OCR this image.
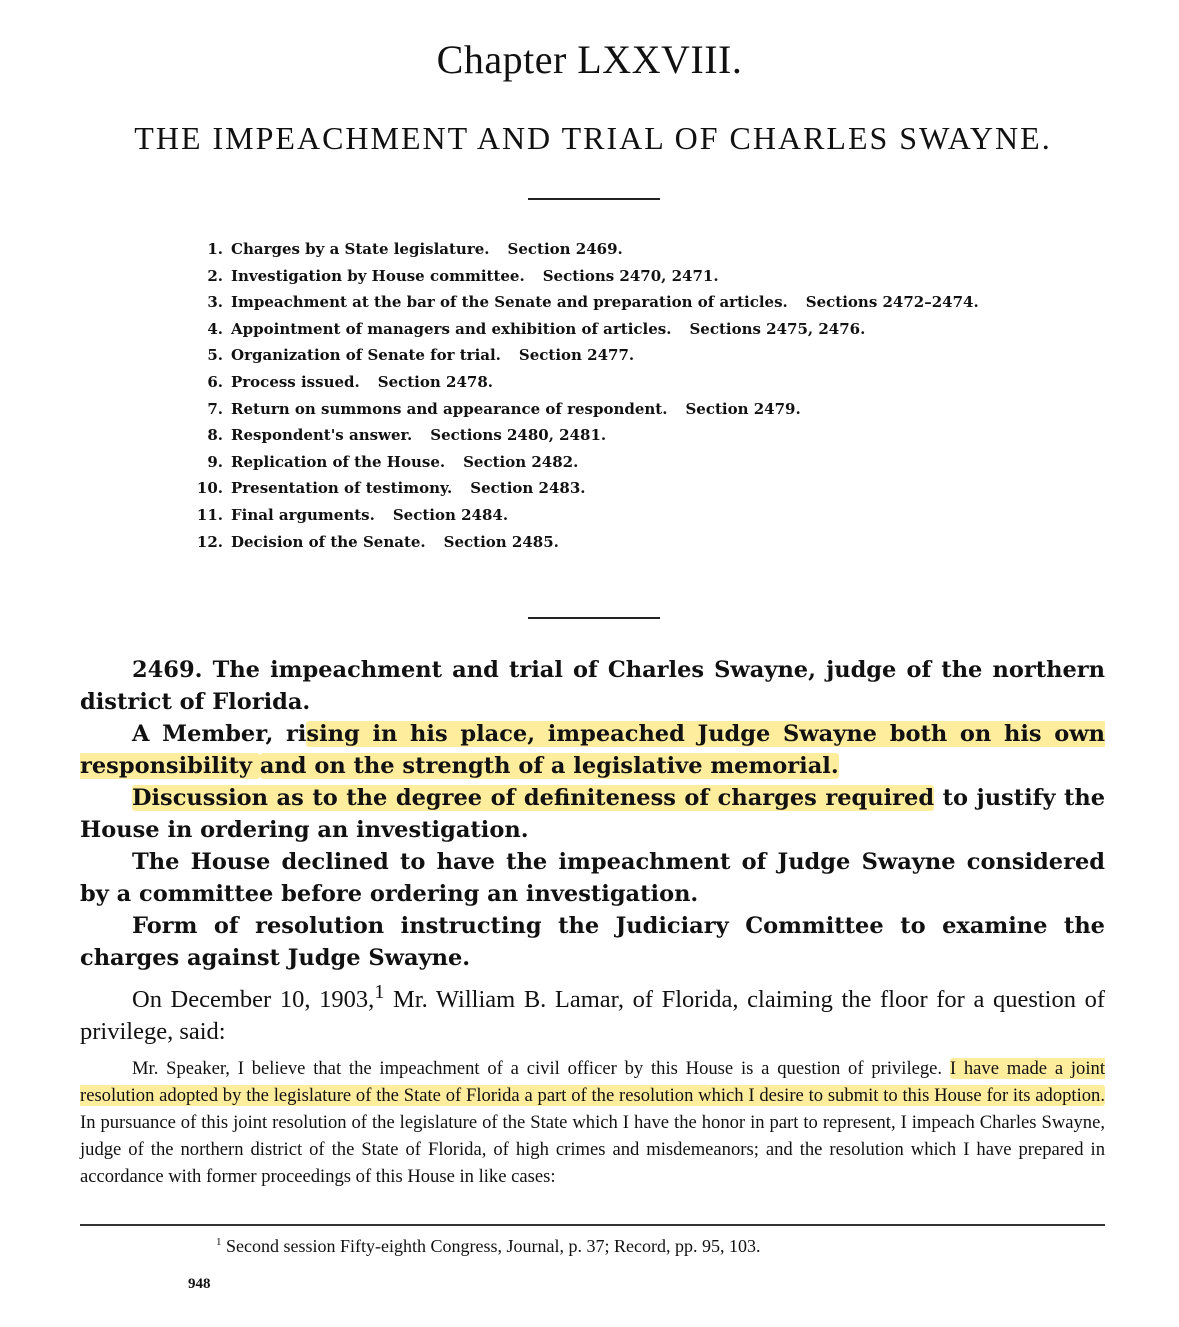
Chapter LXXVIII.
THE IMPEACHMENT AND TRIAL OF CHARLES SWAYNE.
1. Charges by a State legislature. Section 2469.
2. Investigation by House committee. Sections 2470, 2471.
3. Impeachment at the bar of the Senate and preparation of articles. Sections 2472–2474.
4. Appointment of managers and exhibition of articles. Sections 2475, 2476.
5. Organization of Senate for trial. Section 2477.
6. Process issued. Section 2478.
7. Return on summons and appearance of respondent. Section 2479.
8. Respondent's answer. Sections 2480, 2481.
9. Replication of the House. Section 2482.
10. Presentation of testimony. Section 2483.
11. Final arguments. Section 2484.
12. Decision of the Senate. Section 2485.

2469. The impeachment and trial of Charles Swayne, judge of the northern district of Florida.

A Member, rising in his place, impeached Judge Swayne both on his own responsibility and on the strength of a legislative memorial.

Discussion as to the degree of definiteness of charges required to justify the House in ordering an investigation.

The House declined to have the impeachment of Judge Swayne considered by a committee before ordering an investigation.

Form of resolution instructing the Judiciary Committee to examine the charges against Judge Swayne.

On December 10, 1903,$^1$ Mr. William B. Lamar, of Florida, claiming the floor for a question of privilege, said:

Mr. Speaker, I believe that the impeachment of a civil officer by this House is a question of privilege. I have made a joint resolution adopted by the legislature of the State of Florida a part of the resolution which I desire to submit to this House for its adoption. In pursuance of this joint resolution of the legislature of the State which I have the honor in part to represent, I impeach Charles Swayne, judge of the northern district of the State of Florida, of high crimes and misdemeanors; and the resolution which I have prepared in accordance with former proceedings of this House in like cases:

$^1$ Second session Fifty-eighth Congress, Journal, p. 37; Record, pp. 95, 103.
948
